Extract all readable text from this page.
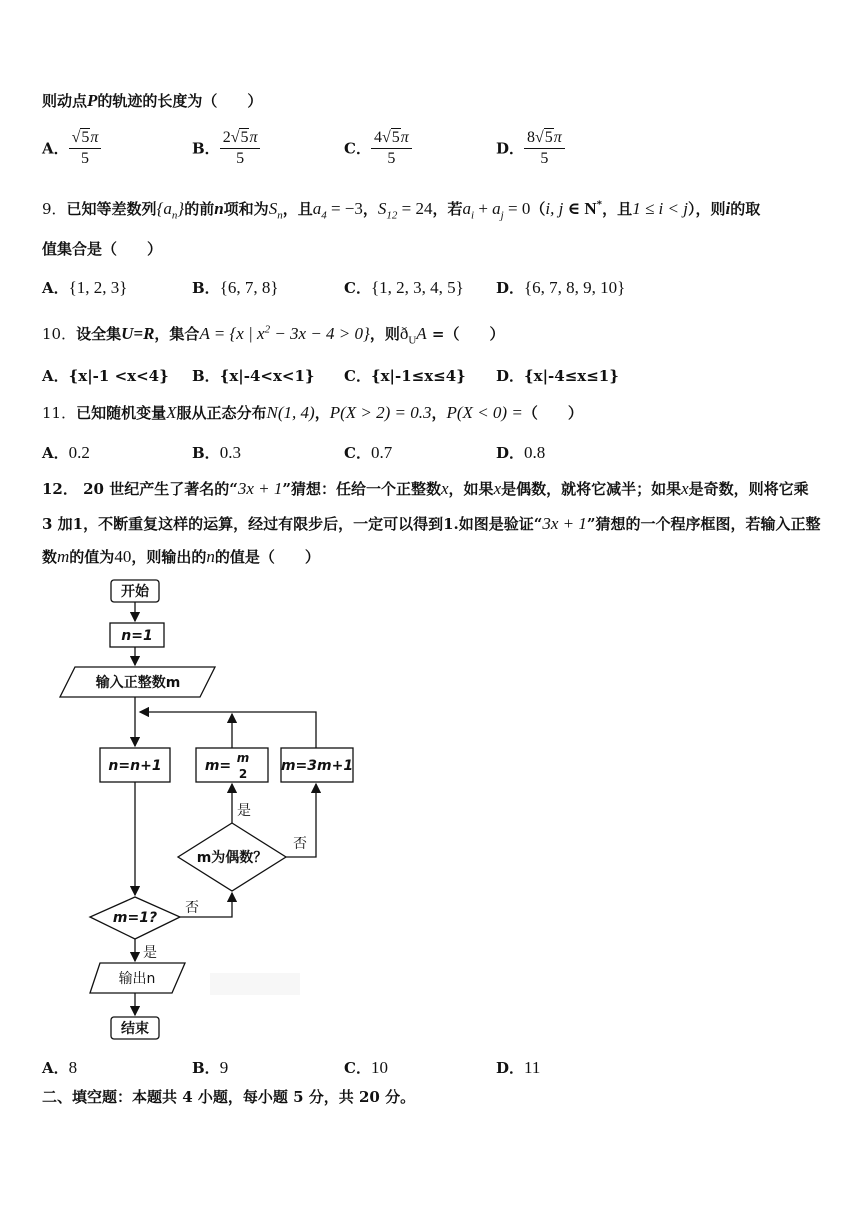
则动点P的轨迹的长度为（　　）
A． $\frac{√5\pi}{5}$	B． $\frac{2√5\pi}{5}$	C． $\frac{4√5\pi}{5}$	D． $\frac{8√5\pi}{5}$
9．已知等差数列$\{a_n\}$的前n项和为$S_n$，且$a_4 = -3$，$S_{12} = 24$，若$a_i + a_j = 0(i$, j ∈ N*，且1 ≤ i < j），则i的取
值集合是（　　）
A．{1, 2, 3}	B．{6, 7, 8}	C．{1, 2, 3, 4, 5} D．{6, 7, 8, 9, 10}
10．设全集U=R，集合A = {x | $x^2 - 3x - 4 > 0$}，则$ð_UA$ =（　　）
A．{x|-1 <x<4} B．{x|-4<x<1} C．{x|-1≤x≤4} D．{x|-4≤x≤1}
11．已知随机变量X服从正态分布N(1, 4)，P(X > 2) = 0.3，P(X < 0) =（　　）
A．0.2	B．0.3	C．0.7	D．0.8
12． 20 世纪产生了著名的“3x + 1”猜想：任给一个正整数x，如果x是偶数，就将它减半；如果x是奇数，则将它乘
3 加1，不断重复这样的运算，经过有限步后，一定可以得到1.如图是验证“3x + 1”猜想的一个程序框图，若输入正整
数m的值为40，则输出的n的值是（　　）
开始
n=1
输入正整数m
n=n+1	m= m
2 m=3m+1
m为偶数？
是
否
m=1?
否
是
输出n
结束
A．8	B．9	C．10	D．11
二、填空题：本题共 4 小题，每小题 5 分，共 20 分。
